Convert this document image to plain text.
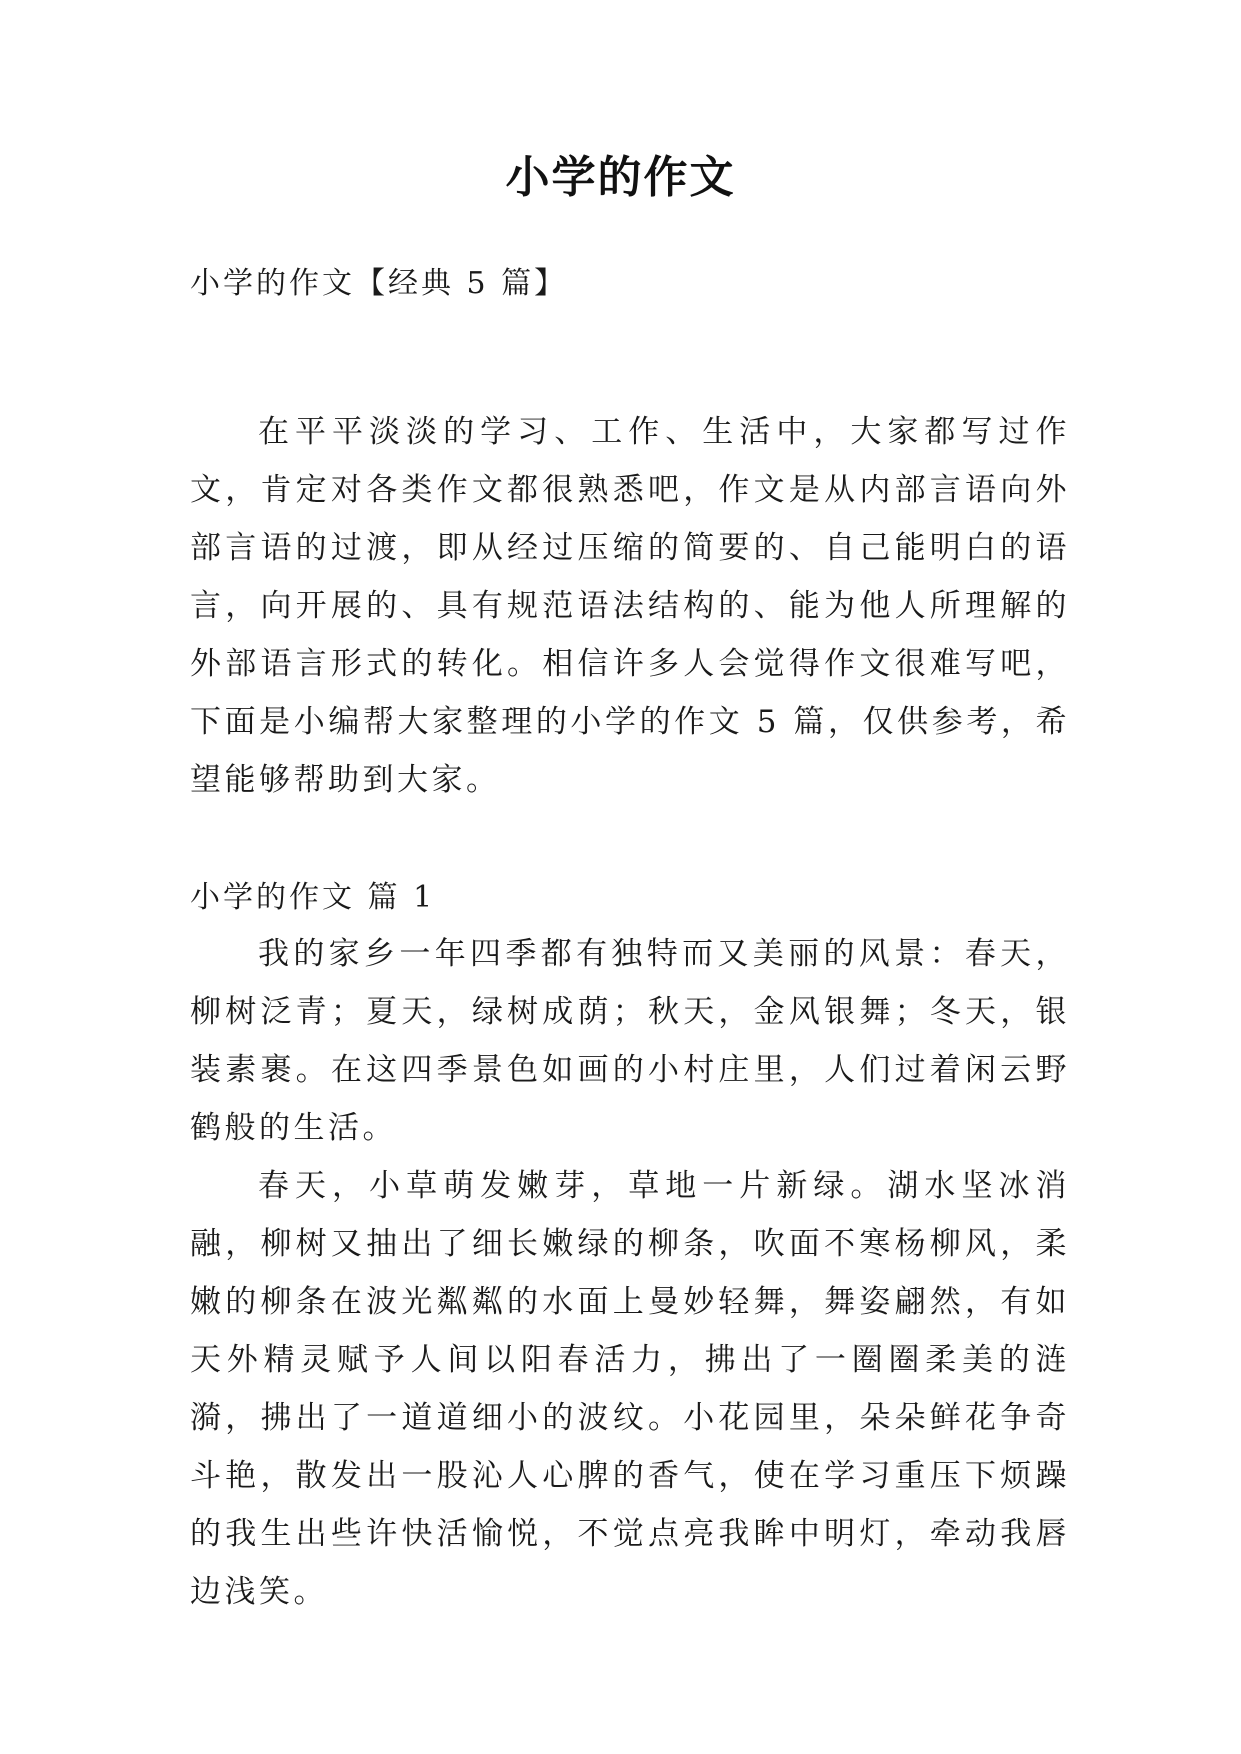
小学的作文
小学的作文【经典 5 篇】
在平平淡淡的学习、工作、生活中，大家都写过作文，肯定对各类作文都很熟悉吧，作文是从内部言语向外部言语的过渡，即从经过压缩的简要的、自己能明白的语言，向开展的、具有规范语法结构的、能为他人所理解的外部语言形式的转化。相信许多人会觉得作文很难写吧，下面是小编帮大家整理的小学的作文 5 篇，仅供参考，希望能够帮助到大家。
小学的作文 篇 1
我的家乡一年四季都有独特而又美丽的风景：春天，柳树泛青；夏天，绿树成荫；秋天，金风银舞；冬天，银装素裹。在这四季景色如画的小村庄里，人们过着闲云野鹤般的生活。
春天，小草萌发嫩芽，草地一片新绿。湖水坚冰消融，柳树又抽出了细长嫩绿的柳条，吹面不寒杨柳风，柔嫩的柳条在波光粼粼的水面上曼妙轻舞，舞姿翩然，有如天外精灵赋予人间以阳春活力，拂出了一圈圈柔美的涟漪，拂出了一道道细小的波纹。小花园里，朵朵鲜花争奇斗艳，散发出一股沁人心脾的香气，使在学习重压下烦躁的我生出些许快活愉悦，不觉点亮我眸中明灯，牵动我唇边浅笑。
